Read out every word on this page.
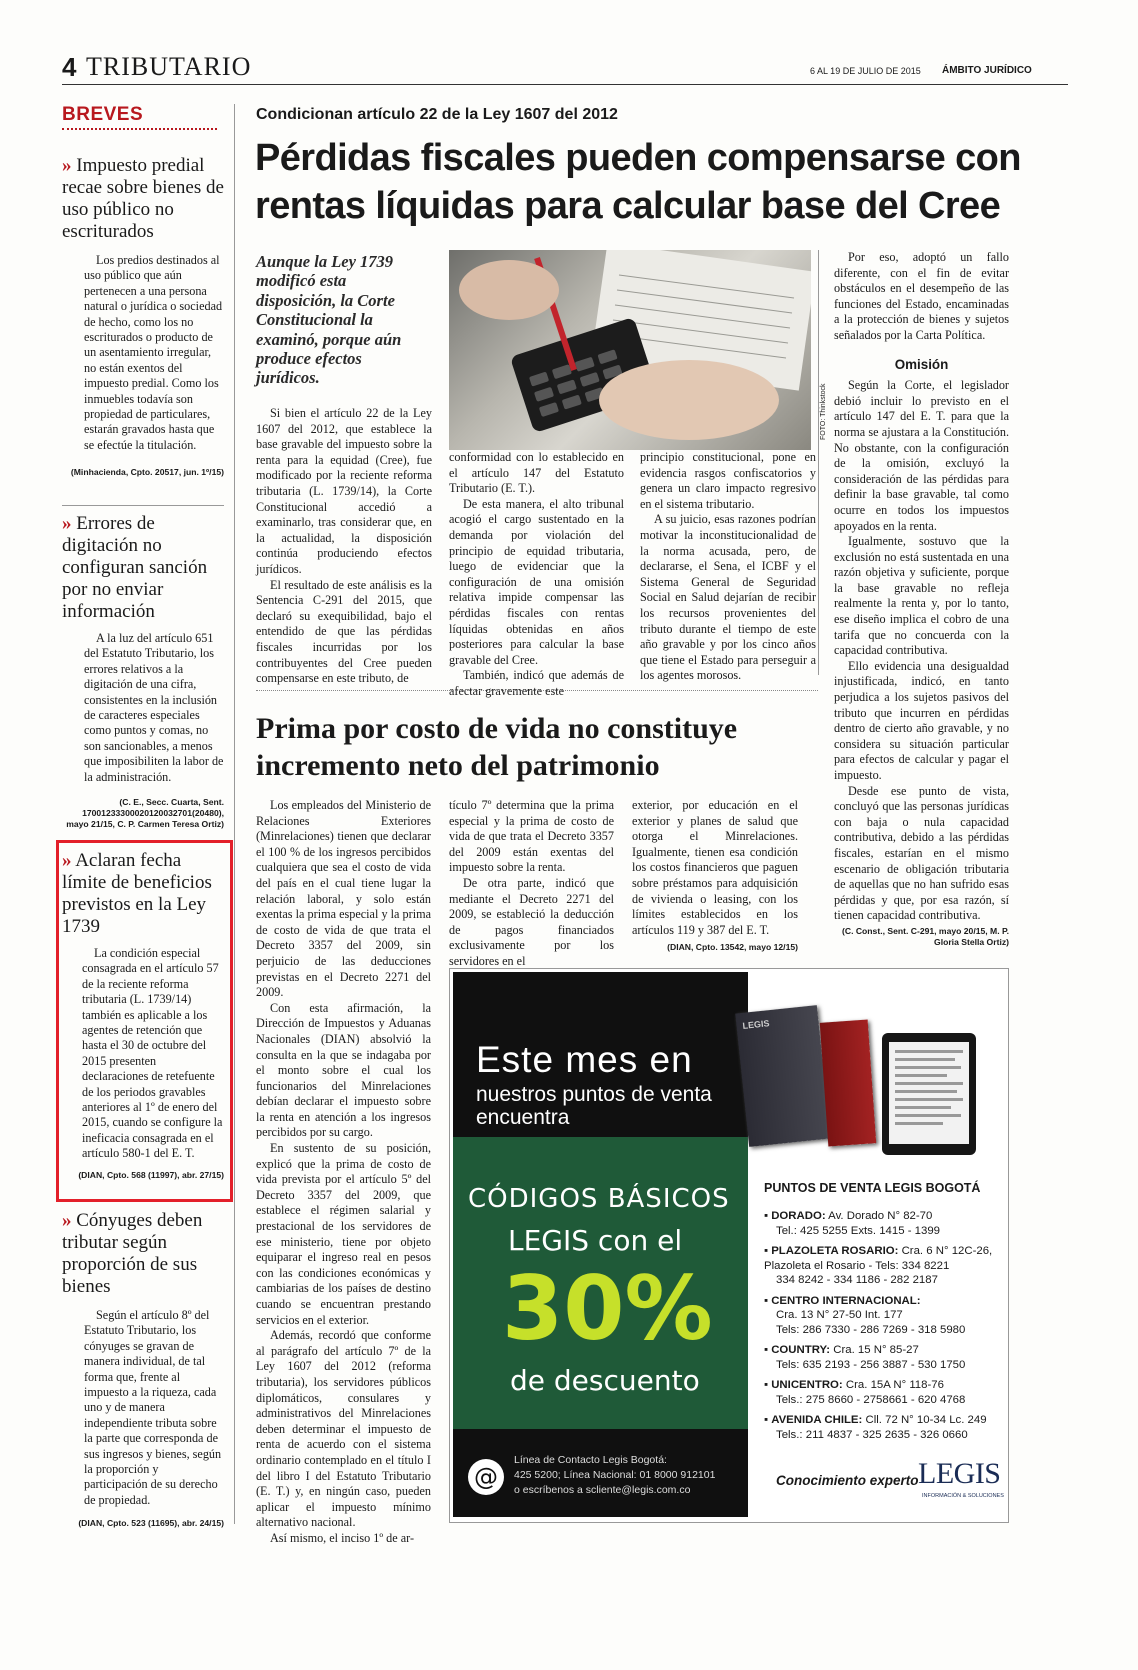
4 TRIBUTARIO	6 AL 19 DE JULIO DE 2015 ÁMBITO JURÍDICO
BREVES
» Impuesto predial recae sobre bienes de uso público no escriturados

Los predios destinados al uso público que aún pertenecen a una persona natural o jurídica o sociedad de hecho, como los no escriturados o producto de un asentamiento irregular, no están exentos del impuesto predial. Como los inmuebles todavía son propiedad de particulares, estarán gravados hasta que se efectúe la titulación.

(Minhacienda, Cpto. 20517, jun. 1º/15)
» Errores de digitación no configuran sanción por no enviar información

A la luz del artículo 651 del Estatuto Tributario, los errores relativos a la digitación de una cifra, consistentes en la inclusión de caracteres especiales como puntos y comas, no son sancionables, a menos que imposibiliten la labor de la administración.

(C. E., Secc. Cuarta, Sent. 17001233300020120032701(20480), mayo 21/15, C. P. Carmen Teresa Ortiz)
» Aclaran fecha límite de beneficios previstos en la Ley 1739

La condición especial consagrada en el artículo 57 de la reciente reforma tributaria (L. 1739/14) también es aplicable a los agentes de retención que hasta el 30 de octubre del 2015 presenten declaraciones de retefuente de los periodos gravables anteriores al 1º de enero del 2015, cuando se configure la ineficacia consagrada en el artículo 580-1 del E. T.

(DIAN, Cpto. 568 (11997), abr. 27/15)
» Cónyuges deben tributar según proporción de sus bienes

Según el artículo 8º del Estatuto Tributario, los cónyuges se gravan de manera individual, de tal forma que, frente al impuesto a la riqueza, cada uno y de manera independiente tributa sobre la parte que corresponda de sus ingresos y bienes, según la proporción y participación de su derecho de propiedad.

(DIAN, Cpto. 523 (11695), abr. 24/15)
Condicionan artículo 22 de la Ley 1607 del 2012
Pérdidas fiscales pueden compensarse con rentas líquidas para calcular base del Cree
Aunque la Ley 1739 modificó esta disposición, la Corte Constitucional la examinó, porque aún produce efectos jurídicos.
FOTO: Thinkstock

Si bien el artículo 22 de la Ley 1607 del 2012, que establece la base gravable del impuesto sobre la renta para la equidad (Cree), fue modificado por la reciente reforma tributaria (L. 1739/14), la Corte Constitucional accedió a examinarlo, tras considerar que, en la actualidad, la disposición continúa produciendo efectos jurídicos.

El resultado de este análisis es la Sentencia C-291 del 2015, que declaró su exequibilidad, bajo el entendido de que las pérdidas fiscales incurridas por los contribuyentes del Cree pueden compensarse en este tributo, de

conformidad con lo establecido en el artículo 147 del Estatuto Tributario (E. T.).

De esta manera, el alto tribunal acogió el cargo sustentado en la demanda por violación del principio de equidad tributaria, luego de evidenciar que la configuración de una omisión relativa impide compensar las pérdidas fiscales con rentas líquidas obtenidas en años posteriores para calcular la base gravable del Cree.

También, indicó que además de afectar gravemente este

principio constitucional, pone en evidencia rasgos confiscatorios y genera un claro impacto regresivo en el sistema tributario.

A su juicio, esas razones podrían motivar la inconstitucionalidad de la norma acusada, pero, de declararse, el Sena, el ICBF y el Sistema General de Seguridad Social en Salud dejarían de recibir los recursos provenientes del tributo durante el tiempo de este año gravable y por los cinco años que tiene el Estado para perseguir a los agentes morosos.

Por eso, adoptó un fallo diferente, con el fin de evitar obstáculos en el desempeño de las funciones del Estado, encaminadas a la protección de bienes y sujetos señalados por la Carta Política.

Omisión

Según la Corte, el legislador debió incluir lo previsto en el artículo 147 del E. T. para que la norma se ajustara a la Constitución. No obstante, con la configuración de la omisión, excluyó la consideración de las pérdidas para definir la base gravable, tal como ocurre en todos los impuestos apoyados en la renta.

Igualmente, sostuvo que la exclusión no está sustentada en una razón objetiva y suficiente, porque la base gravable no refleja realmente la renta y, por lo tanto, ese diseño implica el cobro de una tarifa que no concuerda con la capacidad contributiva.

Ello evidencia una desigualdad injustificada, indicó, en tanto perjudica a los sujetos pasivos del tributo que incurren en pérdidas dentro de cierto año gravable, y no considera su situación particular para efectos de calcular y pagar el impuesto.

Desde ese punto de vista, concluyó que las personas jurídicas con baja o nula capacidad contributiva, debido a las pérdidas fiscales, estarían en el mismo escenario de obligación tributaria de aquellas que no han sufrido esas pérdidas y que, por esa razón, sí tienen capacidad contributiva.

(C. Const., Sent. C-291, mayo 20/15, M. P. Gloria Stella Ortiz)
Prima por costo de vida no constituye incremento neto del patrimonio

Los empleados del Ministerio de Relaciones Exteriores (Minrelaciones) tienen que declarar el 100 % de los ingresos percibidos cualquiera que sea el costo de vida del país en el cual tiene lugar la relación laboral, y solo están exentas la prima especial y la prima de costo de vida de que trata el Decreto 3357 del 2009, sin perjuicio de las deducciones previstas en el Decreto 2271 del 2009.

Con esta afirmación, la Dirección de Impuestos y Aduanas Nacionales (DIAN) absolvió la consulta en la que se indagaba por el monto sobre el cual los funcionarios del Minrelaciones debían declarar el impuesto sobre la renta en atención a los ingresos percibidos por su cargo.

En sustento de su posición, explicó que la prima de costo de vida prevista por el artículo 5º del Decreto 3357 del 2009, que establece el régimen salarial y prestacional de los servidores de ese ministerio, tiene por objeto equiparar el ingreso real en pesos con las condiciones económicas y cambiarias de los países de destino cuando se encuentran prestando servicios en el exterior.

Además, recordó que conforme al parágrafo del artículo 7º de la Ley 1607 del 2012 (reforma tributaria), los servidores públicos diplomáticos, consulares y administrativos del Minrelaciones deben determinar el impuesto de renta de acuerdo con el sistema ordinario contemplado en el título I del libro I del Estatuto Tributario (E. T.) y, en ningún caso, pueden aplicar el impuesto mínimo alternativo nacional.

Así mismo, el inciso 1º de ar-

tículo 7º determina que la prima especial y la prima de costo de vida de que trata el Decreto 3357 del 2009 están exentas del impuesto sobre la renta.

De otra parte, indicó que mediante el Decreto 2271 del 2009, se estableció la deducción de pagos financiados exclusivamente por los servidores en el

exterior, por educación en el exterior y planes de salud que otorga el Minrelaciones. Igualmente, tienen esa condición los costos financieros que paguen sobre préstamos para adquisición de vivienda o leasing, con los límites establecidos en los artículos 119 y 387 del E. T.

(DIAN, Cpto. 13542, mayo 12/15)
Este mes en
nuestros puntos de venta encuentra
CÓDIGOS BÁSICOS
LEGIS con el
30%
de descuento
@
Línea de Contacto Legis Bogotá:
425 5200; Línea Nacional: 01 8000 912101
o escríbenos a scliente@legis.com.co
LEGIS
PUNTOS DE VENTA LEGIS BOGOTÁ
▪ DORADO: Av. Dorado N° 82-70
Tel.: 425 5255 Exts. 1415 - 1399
▪ PLAZOLETA ROSARIO: Cra. 6 N° 12C-26, Plazoleta el Rosario - Tels: 334 8221
334 8242 - 334 1186 - 282 2187
▪ CENTRO INTERNACIONAL:
Cra. 13 N° 27-50 Int. 177
Tels: 286 7330 - 286 7269 - 318 5980
▪ COUNTRY: Cra. 15 N° 85-27
Tels: 635 2193 - 256 3887 - 530 1750
▪ UNICENTRO: Cra. 15A N° 118-76
Tels.: 275 8660 - 2758661 - 620 4768
▪ AVENIDA CHILE: Cll. 72 N° 10-34 Lc. 249
Tels.: 211 4837 - 325 2635 - 326 0660
Conocimiento experto LEGIS
INFORMACIÓN & SOLUCIONES
